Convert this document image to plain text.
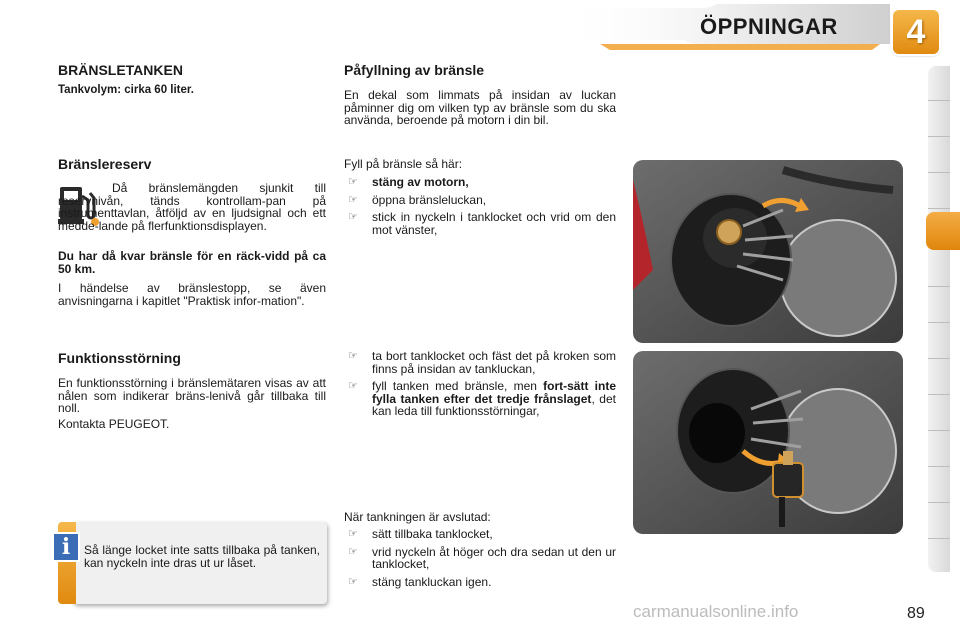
ÖPPNINGAR	4
BRÄNSLETANKEN

Tankvolym: cirka 60 liter.

Bränslereserv

Då bränslemängden sjunkit till reservnivån, tänds kontrollam-pan på instrumenttavlan, åtföljd av en ljudsignal och ett medde-lande på flerfunktionsdisplayen.

Du har då kvar bränsle för en räck-vidd på ca 50 km.

I händelse av bränslestopp, se även anvisningarna i kapitlet "Praktisk infor-mation".

Funktionsstörning

En funktionsstörning i bränslemätaren visas av att nålen som indikerar bräns-lenivå går tillbaka till noll.

Kontakta PEUGEOT.

i	Så länge locket inte satts tillbaka på tanken, kan nyckeln inte dras ut ur låset.

Påfyllning av bränsle

En dekal som limmats på insidan av luckan påminner dig om vilken typ av bränsle som du ska använda, beroende på motorn i din bil.

Fyll på bränsle så här:

☞ stäng av motorn,
☞ öppna bränsleluckan,
☞ stick in nyckeln i tanklocket och vrid om den mot vänster,
☞ ta bort tanklocket och fäst det på kroken som finns på insidan av tankluckan,
☞ fyll tanken med bränsle, men fort-sätt inte fylla tanken efter det tredje frånslaget, det kan leda till funktionsstörningar,

När tankningen är avslutad:

☞ sätt tillbaka tanklocket,
☞ vrid nyckeln åt höger och dra sedan ut den ur tanklocket,
☞ stäng tankluckan igen.
carmanualsonline.info	89
